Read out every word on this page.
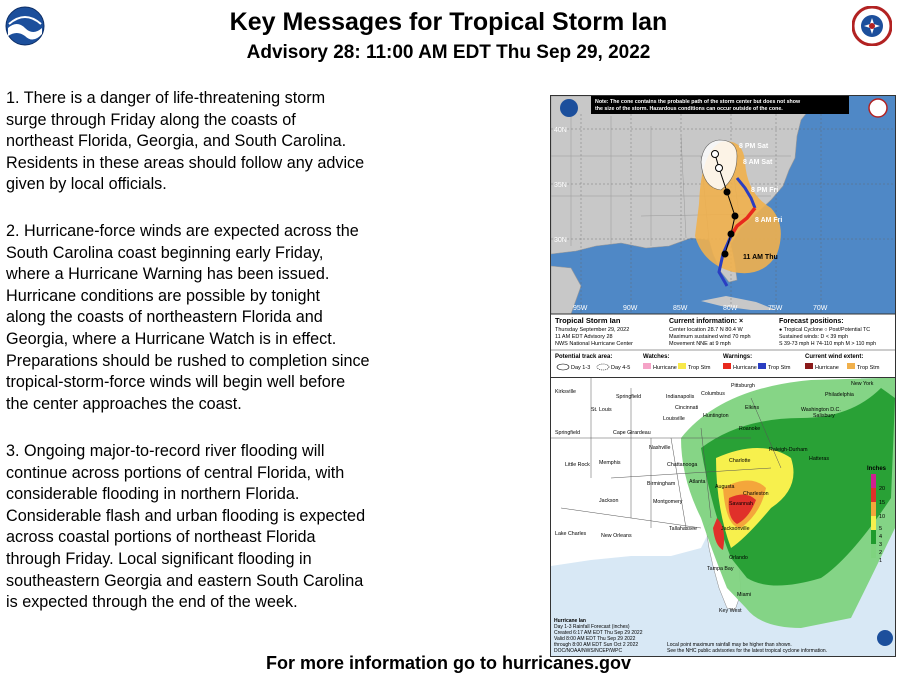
Key Messages for Tropical Storm Ian
Advisory 28: 11:00 AM EDT Thu Sep 29, 2022

1. There is a danger of life-threatening storm

surge through Friday along the coasts of

northeast Florida, Georgia, and South Carolina.

Residents in these areas should follow any advice

given by local officials.

2. Hurricane-force winds are expected across the

South Carolina coast beginning early Friday,

where a Hurricane Warning has been issued.

Hurricane conditions are possible by tonight

along the coasts of northeastern Florida and

Georgia, where a Hurricane Watch is in effect.

Preparations should be rushed to completion since

tropical-storm-force winds will begin well before

the center approaches the coast.

3. Ongoing major-to-record river flooding will

continue across portions of central Florida, with

considerable flooding in northern Florida.

Considerable flash and urban flooding is expected

across coastal portions of northeast Florida

through Friday. Local significant flooding in

southeastern Georgia and eastern South Carolina

is expected through the end of the week.

8 PM Sat
8 AM Sat
8 PM Fri
8 AM Fri
11 AM Thu
40N
35N
30N
95W	90W	85W	80W	75W	70W
Note: The cone contains the probable path of the storm center but does not show
the size of the storm. Hazardous conditions can occur outside of the cone.
Tropical Storm Ian
Thursday September 29, 2022
11 AM EDT Advisory 28
NWS National Hurricane Center
Current information: ×
Center location 28.7 N 80.4 W
Maximum sustained wind 70 mph
Movement NNE at 9 mph
Forecast positions:
● Tropical Cyclone ○ Post/Potential TC
Sustained winds: D < 39 mph
S 39-73 mph H 74-110 mph M > 110 mph
Potential track area:
Day 1-3	Day 4-5
Watches:
Hurricane Trop Stm
Warnings:
Hurricane Trop Stm
Current wind extent:
Hurricane	Trop Stm
Pittsburgh
Kirksville
Springfield	Indianapolis Columbus
New York
St. Louis	Cincinnati
Philadelphia
Huntington
Elkins	Washington D.C.
Springfield	Cape Girardeau
Louisville	Salisbury
Roanoke
Nashville	Raleigh-Durham
Little Rock Memphis	Chattanooga
Charlotte	Hatteras
Birmingham	Atlanta
Augusta
Jackson	Montgomery
Charleston
Savannah
Lake Charles	New Orleans
Tallahassee	Jacksonville
Orlando
Tampa Bay
Miami
Key West
Inches
20
15
10
5
4
3
2
1
Hurricane Ian
Day 1-3 Rainfall Forecast (inches)
Created 6:17 AM EDT Thu Sep 29 2022
Valid 8:00 AM EDT Thu Sep 29 2022
through 8:00 AM EDT Sun Oct 2 2022
DOC/NOAA/NWS/NCEP/WPC
Local point maximum rainfall may be higher than shown.
See the NHC public advisories for the latest tropical cyclone information.
For more information go to hurricanes.gov
